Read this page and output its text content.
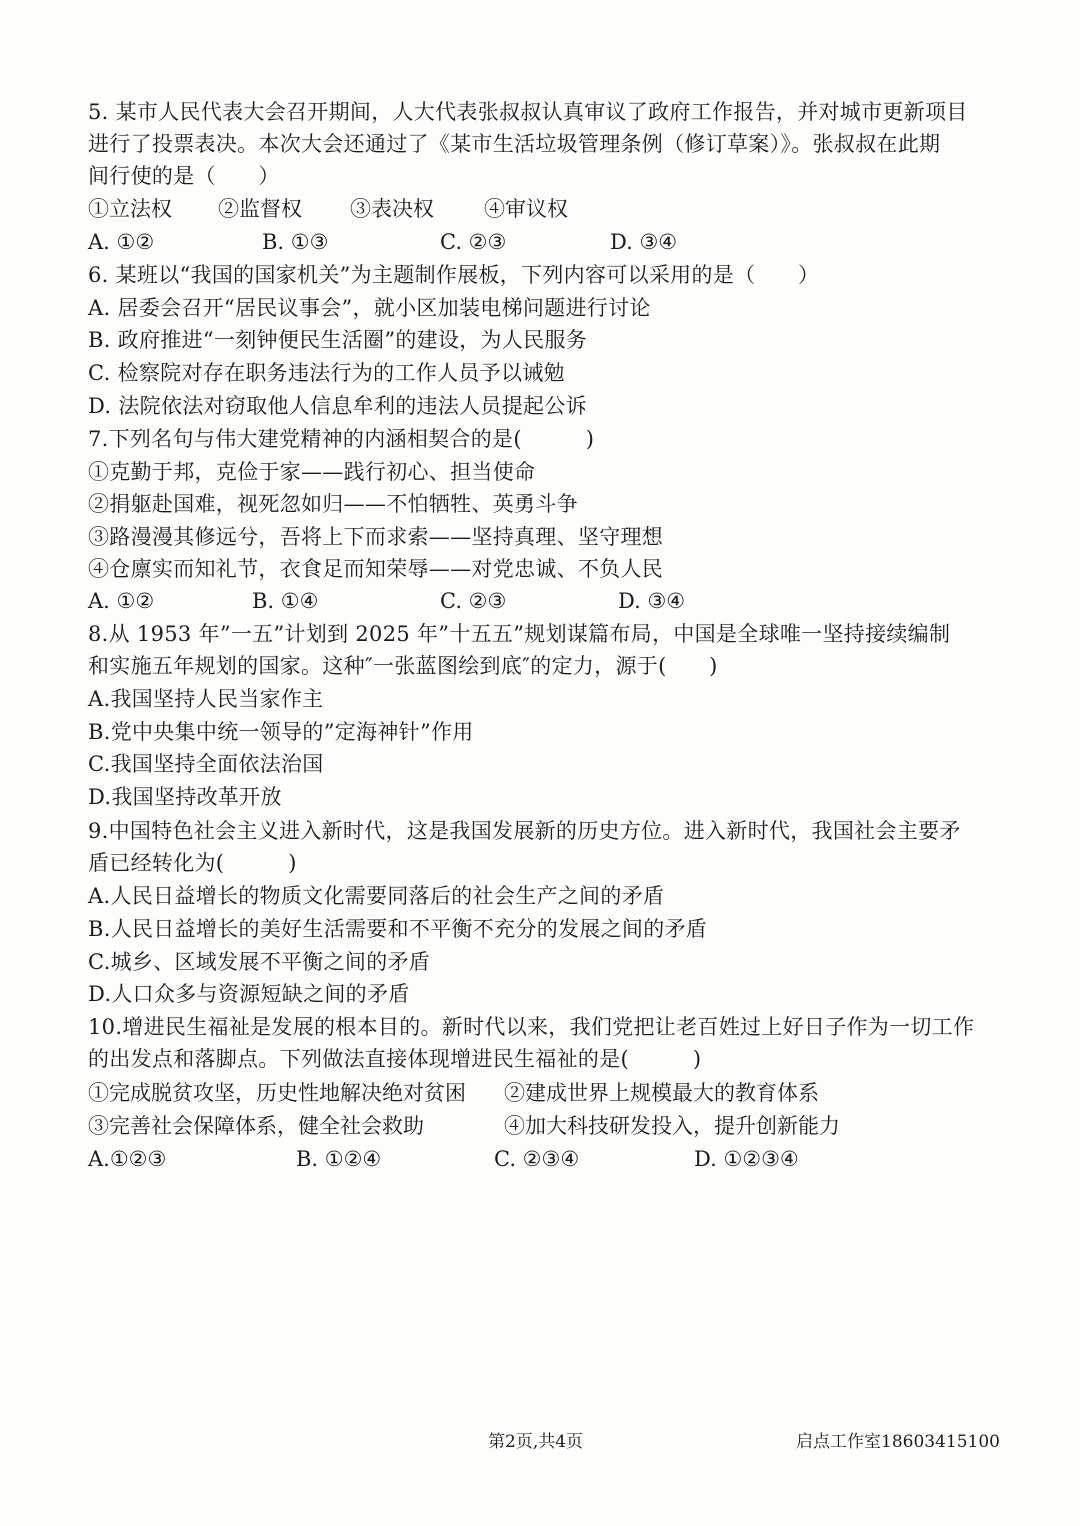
5. 某市人民代表大会召开期间，人大代表张叔叔认真审议了政府工作报告，并对城市更新项目
进行了投票表决。本次大会还通过了《某市生活垃圾管理条例（修订草案）》。张叔叔在此期
间行使的是（　　）
①立法权 ②监督权 ③表决权 ④审议权
A. ①②	B. ①③	C. ②③	D. ③④
6. 某班以“我国的国家机关”为主题制作展板，下列内容可以采用的是（　　）
A. 居委会召开“居民议事会”，就小区加装电梯问题进行讨论
B. 政府推进“一刻钟便民生活圈”的建设，为人民服务
C. 检察院对存在职务违法行为的工作人员予以诫勉
D. 法院依法对窃取他人信息牟利的违法人员提起公诉
7.下列名句与伟大建党精神的内涵相契合的是(　　　)
①克勤于邦，克俭于家——践行初心、担当使命
②捐躯赴国难，视死忽如归——不怕牺牲、英勇斗争
③路漫漫其修远兮，吾将上下而求索——坚持真理、坚守理想
④仓廪实而知礼节，衣食足而知荣辱——对党忠诚、不负人民
A. ①②	B. ①④	C. ②③	D. ③④
8.从 1953 年”一五”计划到 2025 年”十五五”规划谋篇布局，中国是全球唯一坚持接续编制
和实施五年规划的国家。这种″一张蓝图绘到底″的定力，源于(　　)
A.我国坚持人民当家作主
B.党中央集中统一领导的”定海神针”作用
C.我国坚持全面依法治国
D.我国坚持改革开放
9.中国特色社会主义进入新时代，这是我国发展新的历史方位。进入新时代，我国社会主要矛
盾已经转化为(　　　)
A.人民日益增长的物质文化需要同落后的社会生产之间的矛盾
B.人民日益增长的美好生活需要和不平衡不充分的发展之间的矛盾
C.城乡、区域发展不平衡之间的矛盾
D.人口众多与资源短缺之间的矛盾
10.增进民生福祉是发展的根本目的。新时代以来，我们党把让老百姓过上好日子作为一切工作
的出发点和落脚点。下列做法直接体现增进民生福祉的是(　　　)
①完成脱贫攻坚，历史性地解决绝对贫困 ②建成世界上规模最大的教育体系
③完善社会保障体系，健全社会救助	④加大科技研发投入，提升创新能力
A.①②③	B. ①②④	C. ②③④	D. ①②③④
第2页,共4页	启点工作室18603415100
